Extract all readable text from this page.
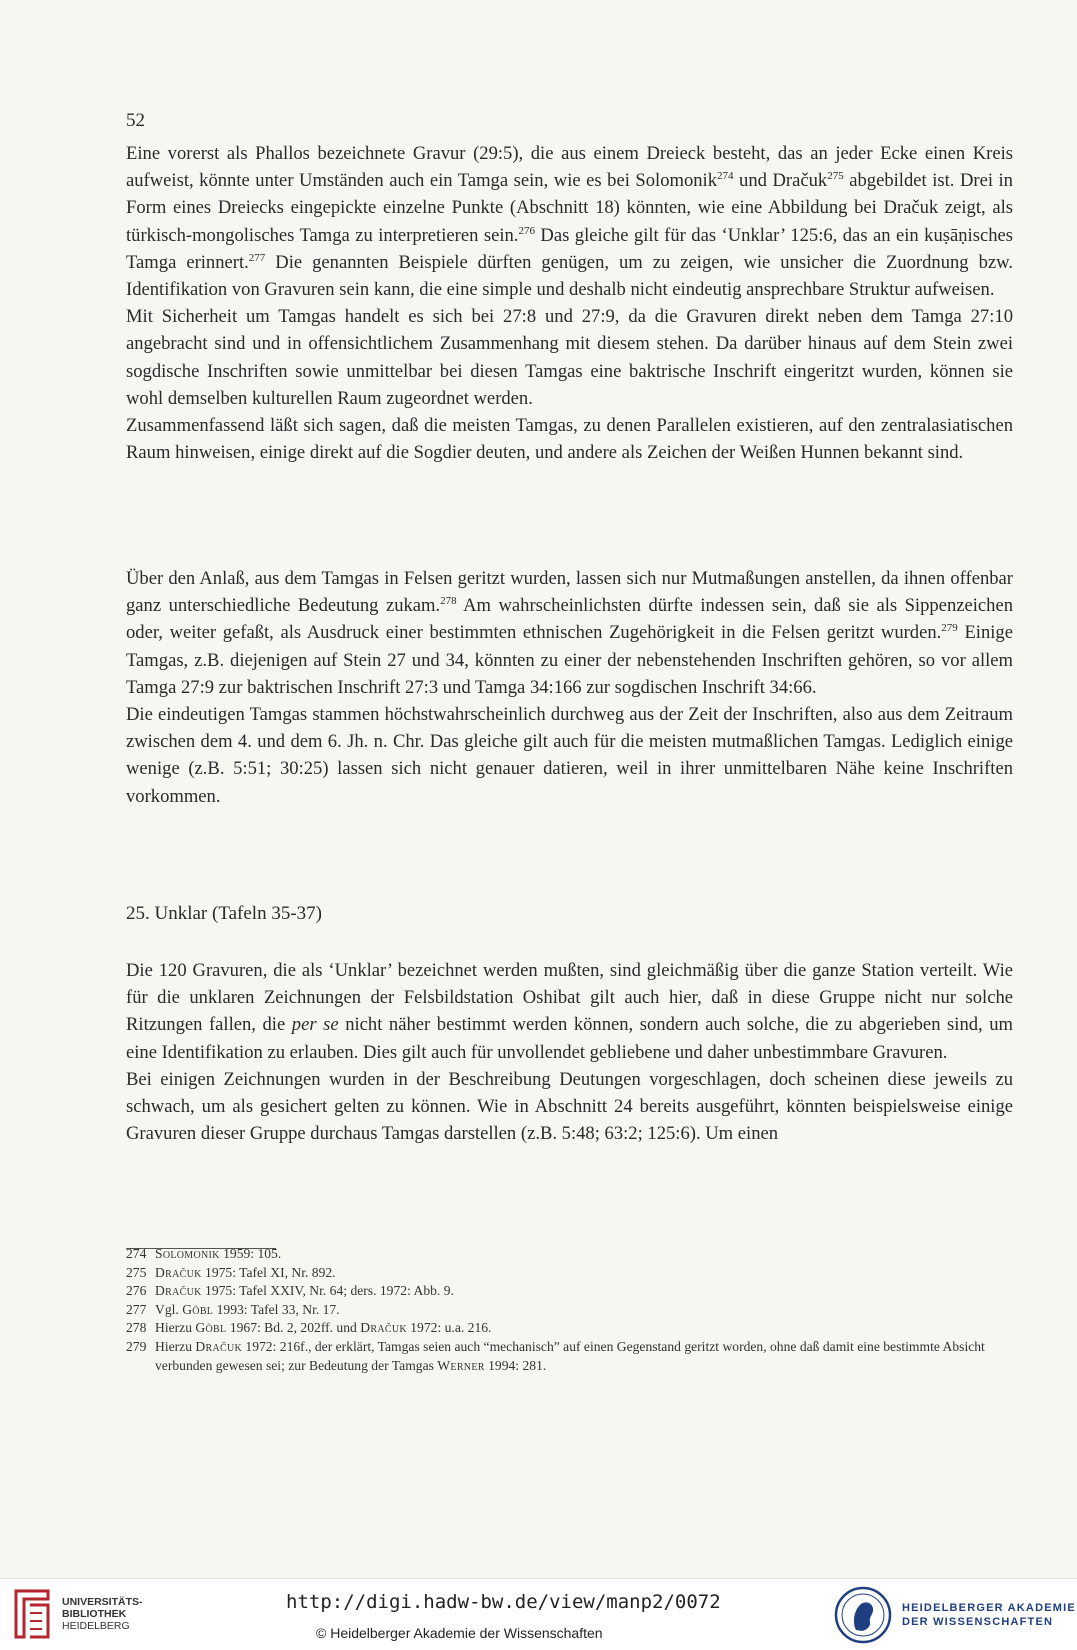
52

Eine vorerst als Phallos bezeichnete Gravur (29:5), die aus einem Dreieck besteht, das an jeder Ecke einen Kreis aufweist, könnte unter Umständen auch ein Tamga sein, wie es bei Solomonik$^{274}$ und Dračuk$^{275}$ abgebildet ist. Drei in Form eines Dreiecks eingepickte einzelne Punkte (Abschnitt 18) könnten, wie eine Abbildung bei Dračuk zeigt, als türkisch-mongolisches Tamga zu interpretieren sein.$^{276}$ Das gleiche gilt für das ‘Unklar’ 125:6, das an ein kuṣāṇisches Tamga erinnert.$^{277}$ Die genannten Beispiele dürften genügen, um zu zeigen, wie unsicher die Zuordnung bzw. Identifikation von Gravuren sein kann, die eine simple und deshalb nicht eindeutig ansprechbare Struktur aufweisen.

Mit Sicherheit um Tamgas handelt es sich bei 27:8 und 27:9, da die Gravuren direkt neben dem Tamga 27:10 angebracht sind und in offensichtlichem Zusammenhang mit diesem stehen. Da darüber hinaus auf dem Stein zwei sogdische Inschriften sowie unmittelbar bei diesen Tamgas eine baktrische Inschrift eingeritzt wurden, können sie wohl demselben kulturellen Raum zugeordnet werden.

Zusammenfassend läßt sich sagen, daß die meisten Tamgas, zu denen Parallelen existieren, auf den zentralasiatischen Raum hinweisen, einige direkt auf die Sogdier deuten, und andere als Zeichen der Weißen Hunnen bekannt sind.

Über den Anlaß, aus dem Tamgas in Felsen geritzt wurden, lassen sich nur Mutmaßungen anstellen, da ihnen offenbar ganz unterschiedliche Bedeutung zukam.$^{278}$ Am wahrscheinlichsten dürfte indessen sein, daß sie als Sippenzeichen oder, weiter gefaßt, als Ausdruck einer bestimmten ethnischen Zugehörigkeit in die Felsen geritzt wurden.$^{279}$ Einige Tamgas, z.B. diejenigen auf Stein 27 und 34, könnten zu einer der nebenstehenden Inschriften gehören, so vor allem Tamga 27:9 zur baktrischen Inschrift 27:3 und Tamga 34:166 zur sogdischen Inschrift 34:66.

Die eindeutigen Tamgas stammen höchstwahrscheinlich durchweg aus der Zeit der Inschriften, also aus dem Zeitraum zwischen dem 4. und dem 6. Jh. n. Chr. Das gleiche gilt auch für die meisten mutmaßlichen Tamgas. Lediglich einige wenige (z.B. 5:51; 30:25) lassen sich nicht genauer datieren, weil in ihrer unmittelbaren Nähe keine Inschriften vorkommen.

25. Unklar (Tafeln 35-37)

Die 120 Gravuren, die als ‘Unklar’ bezeichnet werden mußten, sind gleichmäßig über die ganze Station verteilt. Wie für die unklaren Zeichnungen der Felsbildstation Oshibat gilt auch hier, daß in diese Gruppe nicht nur solche Ritzungen fallen, die per se nicht näher bestimmt werden können, sondern auch solche, die zu abgerieben sind, um eine Identifikation zu erlauben. Dies gilt auch für unvollendet gebliebene und daher unbestimmbare Gravuren.

Bei einigen Zeichnungen wurden in der Beschreibung Deutungen vorgeschlagen, doch scheinen diese jeweils zu schwach, um als gesichert gelten zu können. Wie in Abschnitt 24 bereits ausgeführt, könnten beispielsweise einige Gravuren dieser Gruppe durchaus Tamgas darstellen (z.B. 5:48; 63:2; 125:6). Um einen

274 Solomonik 1959: 105.
275 Dračuk 1975: Tafel XI, Nr. 892.
276 Dračuk 1975: Tafel XXIV, Nr. 64; ders. 1972: Abb. 9.
277 Vgl. Göbl 1993: Tafel 33, Nr. 17.
278 Hierzu Göbl 1967: Bd. 2, 202ff. und Dračuk 1972: u.a. 216.
279 Hierzu Dračuk 1972: 216f., der erklärt, Tamgas seien auch “mechanisch” auf einen Gegenstand geritzt worden, ohne daß damit eine bestimmte Absicht verbunden gewesen sei; zur Bedeutung der Tamgas Werner 1994: 281.
UNIVERSITÄTS-
BIBLIOTHEK
HEIDELBERG
http://digi.hadw-bw.de/view/manp2/0072
© Heidelberger Akademie der Wissenschaften
HEIDELBERGER AKADEMIE
DER WISSENSCHAFTEN
